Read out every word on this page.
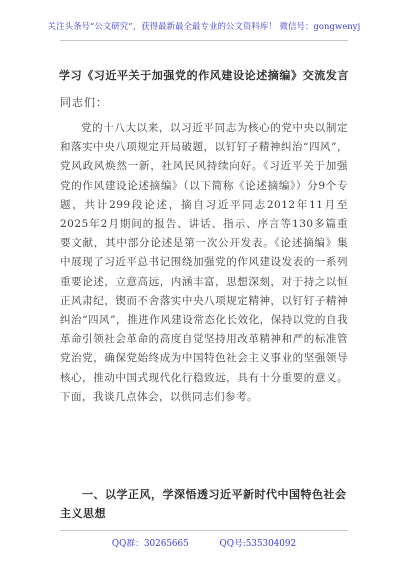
关注头条号“公文研究”，获得最新最全最专业的公文资料库！ 微信号：gongwenyj
学习《习近平关于加强党的作风建设论述摘编》交流发言
同志们：

党的十八大以来，以习近平同志为核心的党中央以制定和落实中央八项规定开局破题，以钉钉子精神纠治“四风”，党风政风焕然一新，社风民风持续向好。《习近平关于加强党的作风建设论述摘编》（以下简称《论述摘编》）分9个专题，共计299段论述，摘自习近平同志2012年11月至2025年2月期间的报告、讲话、指示、序言等130多篇重要文献，其中部分论述是第一次公开发表。《论述摘编》集中展现了习近平总书记围绕加强党的作风建设发表的一系列重要论述，立意高远，内涵丰富，思想深刻，对于持之以恒正风肃纪，锲而不舍落实中央八项规定精神，以钉钉子精神纠治“四风”，推进作风建设常态化长效化，保持以党的自我革命引领社会革命的高度自觉坚持用改革精神和严的标准管党治党，确保党始终成为中国特色社会主义事业的坚强领导核心，推动中国式现代化行稳致远，具有十分重要的意义。下面，我谈几点体会，以供同志们参考。

一、以学正风，学深悟透习近平新时代中国特色社会主义思想

QQ群：30265665	QQ号:535304092
